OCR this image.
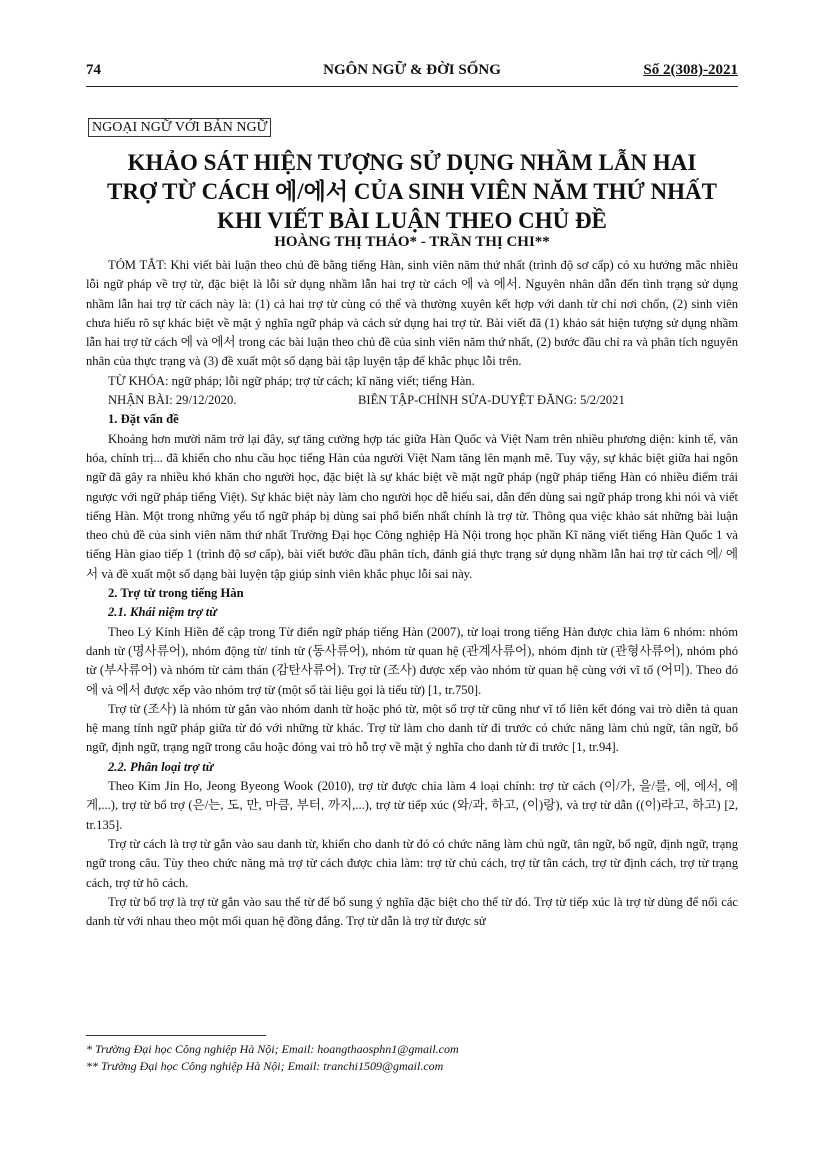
74	NGÔN NGỮ & ĐỜI SỐNG	Số 2(308)-2021
NGOẠI NGỮ VỚI BẢN NGỮ
KHẢO SÁT HIỆN TƯỢNG SỬ DỤNG NHẦM LẪN HAI
TRỢ TỪ CÁCH 에/에서 CỦA SINH VIÊN NĂM THỨ NHẤT
KHI VIẾT BÀI LUẬN THEO CHỦ ĐỀ
HOÀNG THỊ THẢO* - TRẦN THỊ CHI**

TÓM TẮT: Khi viết bài luận theo chủ đề bằng tiếng Hàn, sinh viên năm thứ nhất (trình độ sơ cấp) có xu hướng mắc nhiều lỗi ngữ pháp về trợ từ, đặc biệt là lỗi sử dụng nhầm lẫn hai trợ từ cách 에 và 에서. Nguyên nhân dẫn đến tình trạng sử dụng nhầm lẫn hai trợ từ cách này là: (1) cả hai trợ từ cùng có thể và thường xuyên kết hợp với danh từ chỉ nơi chốn, (2) sinh viên chưa hiểu rõ sự khác biệt về mặt ý nghĩa ngữ pháp và cách sử dụng hai trợ từ. Bài viết đã (1) khảo sát hiện tượng sử dụng nhầm lẫn hai trợ từ cách 에 và 에서 trong các bài luận theo chủ đề của sinh viên năm thứ nhất, (2) bước đầu chỉ ra và phân tích nguyên nhân của thực trạng và (3) đề xuất một số dạng bài tập luyện tập để khắc phục lỗi trên.

TỪ KHÓA: ngữ pháp; lỗi ngữ pháp; trợ từ cách; kĩ năng viết; tiếng Hàn.

NHẬN BÀI: 29/12/2020.	BIÊN TẬP-CHỈNH SỬA-DUYỆT ĐĂNG: 5/2/2021
1. Đặt vấn đề

Khoảng hơn mười năm trở lại đây, sự tăng cường hợp tác giữa Hàn Quốc và Việt Nam trên nhiều phương diện: kinh tế, văn hóa, chính trị... đã khiến cho nhu cầu học tiếng Hàn của người Việt Nam tăng lên mạnh mẽ. Tuy vậy, sự khác biệt giữa hai ngôn ngữ đã gây ra nhiều khó khăn cho người học, đặc biệt là sự khác biệt về mặt ngữ pháp (ngữ pháp tiếng Hàn có nhiều điểm trái ngược với ngữ pháp tiếng Việt). Sự khác biệt này làm cho người học dễ hiểu sai, dẫn đến dùng sai ngữ pháp trong khi nói và viết tiếng Hàn. Một trong những yếu tố ngữ pháp bị dùng sai phổ biến nhất chính là trợ từ. Thông qua việc khảo sát những bài luận theo chủ đề của sinh viên năm thứ nhất Trường Đại học Công nghiệp Hà Nội trong học phần Kĩ năng viết tiếng Hàn Quốc 1 và tiếng Hàn giao tiếp 1 (trình độ sơ cấp), bài viết bước đầu phân tích, đánh giá thực trạng sử dụng nhầm lẫn hai trợ từ cách 에/ 에서 và đề xuất một số dạng bài luyện tập giúp sinh viên khắc phục lỗi sai này.

2. Trợ từ trong tiếng Hàn
2.1. Khái niệm trợ từ

Theo Lý Kính Hiền để cập trong Từ điển ngữ pháp tiếng Hàn (2007), từ loại trong tiếng Hàn được chia làm 6 nhóm: nhóm danh từ (명사류어), nhóm động từ/ tính từ (동사류어), nhóm từ quan hệ (관계사류어), nhóm định từ (관형사류어), nhóm phó từ (부사류어) và nhóm từ cảm thán (감탄사류어). Trợ từ (조사) được xếp vào nhóm từ quan hệ cùng với vĩ tố (어미). Theo đó 에 và 에서 được xếp vào nhóm trợ từ (một số tài liệu gọi là tiểu từ) [1, tr.750].

Trợ từ (조사) là nhóm từ gắn vào nhóm danh từ hoặc phó từ, một số trợ từ cũng như vĩ tố liên kết đóng vai trò diễn tả quan hệ mang tính ngữ pháp giữa từ đó với những từ khác. Trợ từ làm cho danh từ đi trước có chức năng làm chủ ngữ, tân ngữ, bổ ngữ, định ngữ, trạng ngữ trong câu hoặc đóng vai trò hỗ trợ về mặt ý nghĩa cho danh từ đi trước [1, tr.94].

2.2. Phân loại trợ từ

Theo Kim Jin Ho, Jeong Byeong Wook (2010), trợ từ được chia làm 4 loại chính: trợ từ cách (이/가, 을/를, 에, 에서, 에게,...), trợ từ bổ trợ (은/는, 도, 만, 마큼, 부터, 까지,...), trợ từ tiếp xúc (와/과, 하고, (이)랑), và trợ từ dẫn ((이)라고, 하고) [2, tr.135].

Trợ từ cách là trợ từ gắn vào sau danh từ, khiến cho danh từ đó có chức năng làm chủ ngữ, tân ngữ, bổ ngữ, định ngữ, trạng ngữ trong câu. Tùy theo chức năng mà trợ từ cách được chia làm: trợ từ chủ cách, trợ từ tân cách, trợ từ định cách, trợ từ trạng cách, trợ từ hô cách.

Trợ từ bổ trợ là trợ từ gắn vào sau thể từ để bổ sung ý nghĩa đặc biệt cho thể từ đó. Trợ từ tiếp xúc là trợ từ dùng để nối các danh từ với nhau theo một mối quan hệ đồng đẳng. Trợ từ dẫn là trợ từ được sử

* Trường Đại học Công nghiệp Hà Nội; Email: hoangthaosphn1@gmail.com
** Trường Đại học Công nghiệp Hà Nội; Email: tranchi1509@gmail.com
